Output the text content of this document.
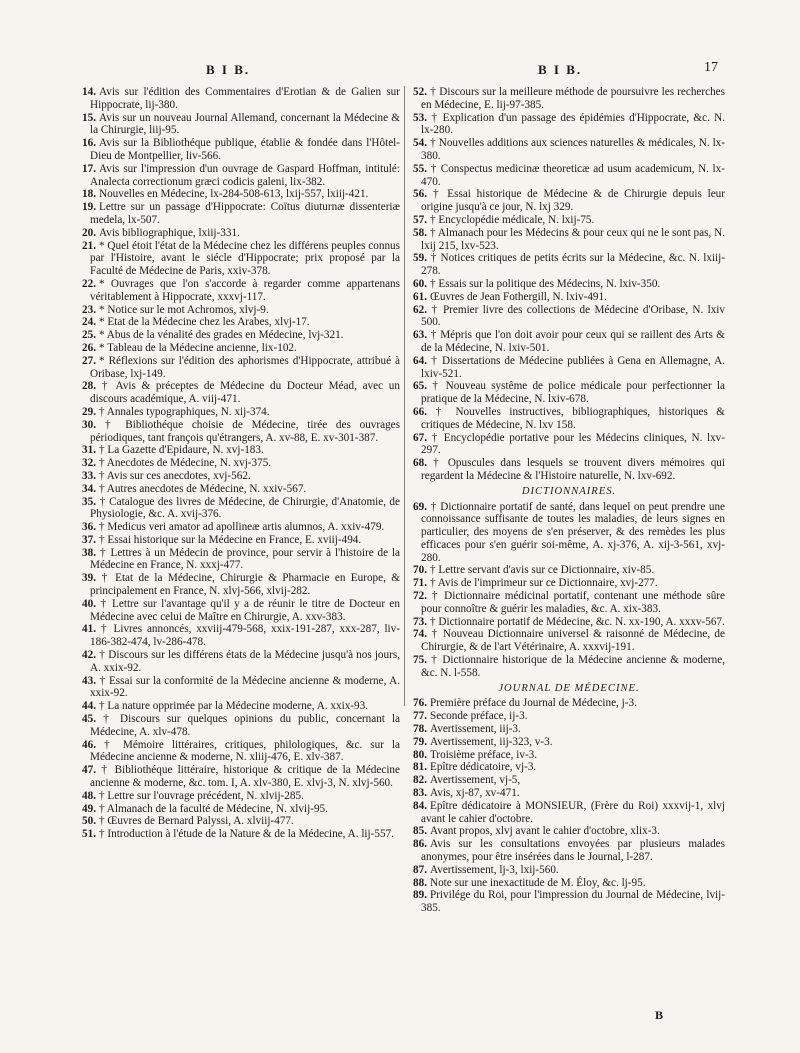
B I B.	B I B.	17
14. Avis sur l'édition des Commentaires d'Erotian & de Galien sur Hippocrate, lij-380.
15. Avis sur un nouveau Journal Allemand, concernant la Médecine & la Chirurgie, liij-95.
16. Avis sur la Bibliothéque publique, établie & fondée dans l'Hôtel-Dieu de Montpellier, liv-566.
17. Avis sur l'impression d'un ouvrage de Gaspard Hoffman, intitulé: Analecta correctionum græci codicis galeni, lix-382.
18. Nouvelles en Médecine, lx-284-508-613, lxij-557, lxiij-421.
19. Lettre sur un passage d'Hippocrate: Coïtus diuturnæ dissenteriæ medela, lx-507.
20. Avis bibliographique, lxiij-331.
21. * Quel étoit l'état de la Médecine chez les différens peuples connus par l'Histoire, avant le siécle d'Hippocrate; prix proposé par la Faculté de Médecine de Paris, xxiv-378.
22. * Ouvrages que l'on s'accorde à regarder comme appartenans véritablement à Hippocrate, xxxvj-117.
23. * Notice sur le mot Achromos, xlvj-9.
24. * Etat de la Médecine chez les Arabes, xlvj-17.
25. * Abus de la vénalité des grades en Médecine, lvj-321.
26. * Tableau de la Médecine ancienne, lix-102.
27. * Réflexions sur l'édition des aphorismes d'Hippocrate, attribué à Oribase, lxj-149.
28. † Avis & préceptes de Médecine du Docteur Méad, avec un discours académique, A. viij-471.
29. † Annales typographiques, N. xij-374.
30. † Bibliothéque choisie de Médecine, tirée des ouvrages périodiques, tant françois qu'étrangers, A. xv-88, E. xv-301-387.
31. † La Gazette d'Epidaure, N. xvj-183.
32. † Anecdotes de Médecine, N. xvj-375.
33. † Avis sur ces anecdotes, xvj-562.
34. † Autres anecdotes de Médecine, N. xxiv-567.
35. † Catalogue des livres de Médecine, de Chirurgie, d'Anatomie, de Physiologie, &c. A. xvij-376.
36. † Medicus veri amator ad apollineæ artis alumnos, A. xxiv-479.
37. † Essai historique sur la Médecine en France, E. xviij-494.
38. † Lettres à un Médecin de province, pour servir à l'histoire de la Médecine en France, N. xxxj-477.
39. † Etat de la Médecine, Chirurgie & Pharmacie en Europe, & principalement en France, N. xlvj-566, xlvij-282.
40. † Lettre sur l'avantage qu'il y a de réunir le titre de Docteur en Médecine avec celui de Maître en Chirurgie, A. xxv-383.
41. † Livres annoncés, xxviij-479-568, xxix-191-287, xxx-287, liv-186-382-474, lv-286-478.
42. † Discours sur les différens états de la Médecine jusqu'à nos jours, A. xxix-92.
43. † Essai sur la conformité de la Médecine ancienne & moderne, A. xxix-92.
44. † La nature opprimée par la Médecine moderne, A. xxix-93.
45. † Discours sur quelques opinions du public, concernant la Médecine, A. xlv-478.
46. † Mémoire littéraires, critiques, philologiques, &c. sur la Médecine ancienne & moderne, N. xliij-476, E. xlv-387.
47. † Bibliothéque littéraire, historique & critique de la Médecine ancienne & moderne, &c. tom. I, A. xlv-380, E. xlvj-3, N. xlvj-560.
48. † Lettre sur l'ouvrage précédent, N. xlvij-285.
49. † Almanach de la faculté de Médecine, N. xlvij-95.
50. † Œuvres de Bernard Palyssi, A. xlviij-477.
51. † Introduction à l'étude de la Nature & de la Médecine, A. lij-557.
52. † Discours sur la meilleure méthode de poursuivre les recherches en Médecine, E. lij-97-385.
53. † Explication d'un passage des épidémies d'Hippocrate, &c. N. lx-280.
54. † Nouvelles additions aux sciences naturelles & médicales, N. lx-380.
55. † Conspectus medicinæ theoreticæ ad usum academicum, N. lx-470.
56. † Essai historique de Médecine & de Chirurgie depuis leur origine jusqu'à ce jour, N. lxj 329.
57. † Encyclopédie médicale, N. lxij-75.
58. † Almanach pour les Médecins & pour ceux qui ne le sont pas, N. lxij 215, lxv-523.
59. † Notices critiques de petits écrits sur la Médecine, &c. N. lxiij-278.
60. † Essais sur la politique des Médecins, N. lxiv-350.
61. Œuvres de Jean Fothergill, N. lxiv-491.
62. † Premier livre des collections de Médecine d'Oribase, N. lxiv 500.
63. † Mépris que l'on doit avoir pour ceux qui se raillent des Arts & de la Médecine, N. lxiv-501.
64. † Dissertations de Médecine publiées à Gena en Allemagne, A. lxiv-521.
65. † Nouveau systême de police médicale pour perfectionner la pratique de la Médecine, N. lxiv-678.
66. † Nouvelles instructives, bibliographiques, historiques & critiques de Médecine, N. lxv 158.
67. † Encyclopédie portative pour les Médecins cliniques, N. lxv-297.
68. † Opuscules dans lesquels se trouvent divers mémoires qui regardent la Médecine & l'Histoire naturelle, N. lxv-692.
DICTIONNAIRES.
69. † Dictionnaire portatif de santé, dans lequel on peut prendre une connoissance suffisante de toutes les maladies, de leurs signes en particulier, des moyens de s'en préserver, & des remèdes les plus efficaces pour s'en guérir soi-même, A. xj-376, A. xij-3-561, xvj-280.
70. † Lettre servant d'avis sur ce Dictionnaire, xiv-85.
71. † Avis de l'imprimeur sur ce Dictionnaire, xvj-277.
72. † Dictionnaire médicinal portatif, contenant une méthode sûre pour connoître & guérir les maladies, &c. A. xix-383.
73. † Dictionnaire portatif de Médecine, &c. N. xx-190, A. xxxv-567.
74. † Nouveau Dictionnaire universel & raisonné de Médecine, de Chirurgie, & de l'art Vétérinaire, A. xxxvij-191.
75. † Dictionnaire historique de la Médecine ancienne & moderne, &c. N. l-558.
JOURNAL DE MÉDECINE.
76. Première préface du Journal de Médecine, j-3.
77. Seconde préface, ij-3.
78. Avertissement, iij-3.
79. Avertissement, iij-323, v-3.
80. Troisième préface, iv-3.
81. Epître dédicatoire, vj-3.
82. Avertissement, vj-5,
83. Avis, xj-87, xv-471.
84. Epître dédicatoire à MONSIEUR, (Frère du Roi) xxxvij-1, xlvj avant le cahier d'octobre.
85. Avant propos, xlvj avant le cahier d'octobre, xlix-3.
86. Avis sur les consultations envoyées par plusieurs malades anonymes, pour être insérées dans le Journal, l-287.
87. Avertissement, lj-3, lxij-560.
88. Note sur une inexactitude de M. Éloy, &c. lj-95.
89. Privilége du Roi, pour l'impression du Journal de Médecine, lvij-385.
B
